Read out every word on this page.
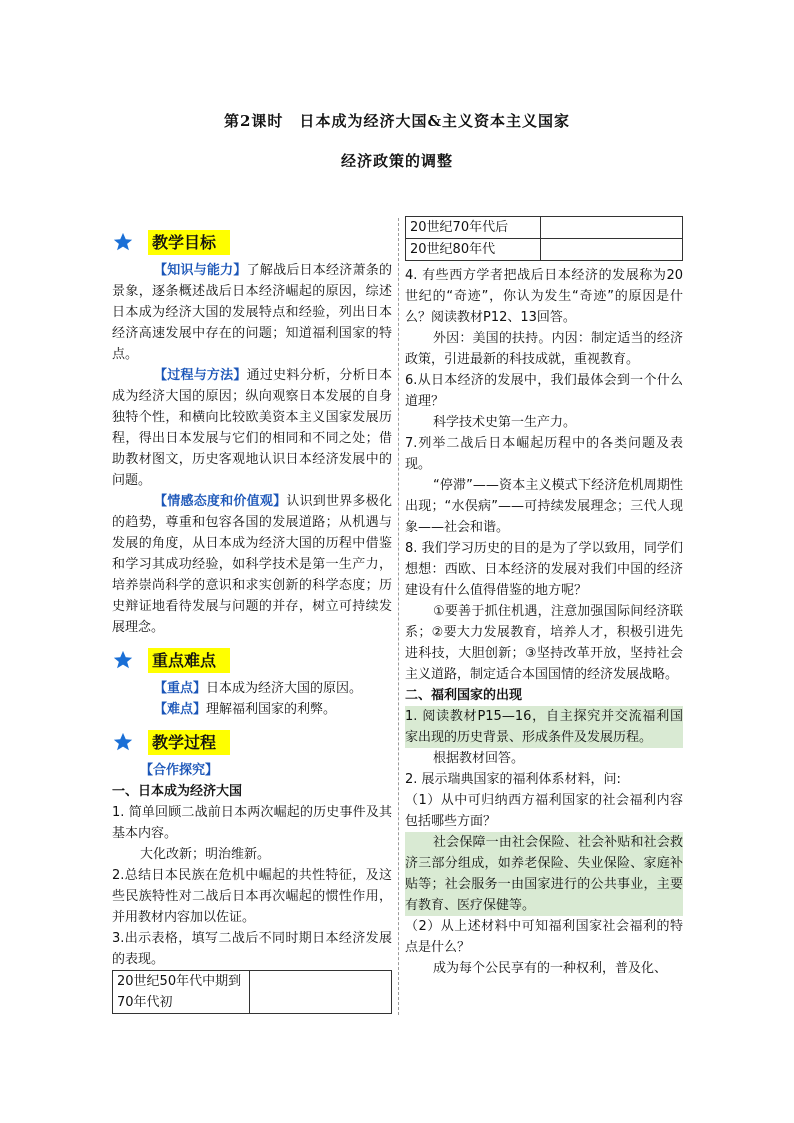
第2课时　日本成为经济大国&主义资本主义国家
经济政策的调整
教学目标

【知识与能力】了解战后日本经济萧条的景象，逐条概述战后日本经济崛起的原因，综述日本成为经济大国的发展特点和经验，列出日本经济高速发展中存在的问题；知道福利国家的特点。

【过程与方法】通过史料分析，分析日本成为经济大国的原因；纵向观察日本发展的自身独特个性，和横向比较欧美资本主义国家发展历程，得出日本发展与它们的相同和不同之处；借助教材图文，历史客观地认识日本经济发展中的问题。

【情感态度和价值观】认识到世界多极化的趋势，尊重和包容各国的发展道路；从机遇与发展的角度，从日本成为经济大国的历程中借鉴和学习其成功经验，如科学技术是第一生产力，培养崇尚科学的意识和求实创新的科学态度；历史辩证地看待发展与问题的并存，树立可持续发展理念。

重点难点

【重点】日本成为经济大国的原因。

【难点】理解福利国家的利弊。

教学过程

【合作探究】

一、日本成为经济大国

1. 简单回顾二战前日本两次崛起的历史事件及其基本内容。

大化改新；明治维新。

2.总结日本民族在危机中崛起的共性特征，及这些民族特性对二战后日本再次崛起的惯性作用，并用教材内容加以佐证。

3.出示表格，填写二战后不同时期日本经济发展的表现。

20世纪50年代中期到70年代初	
20世纪70年代后	
20世纪80年代	

4. 有些西方学者把战后日本经济的发展称为20世纪的“奇迹”，你认为发生“奇迹”的原因是什么？阅读教材P12、13回答。

外因：美国的扶持。内因：制定适当的经济政策，引进最新的科技成就，重视教育。

6.从日本经济的发展中，我们最体会到一个什么道理？

科学技术史第一生产力。

7.列举二战后日本崛起历程中的各类问题及表现。

“停滞”——资本主义模式下经济危机周期性出现；“水俣病”——可持续发展理念；三代人现象——社会和谐。

8. 我们学习历史的目的是为了学以致用，同学们想想：西欧、日本经济的发展对我们中国的经济建设有什么值得借鉴的地方呢？

①要善于抓住机遇，注意加强国际间经济联系；②要大力发展教育，培养人才，积极引进先进科技，大胆创新；③坚持改革开放，坚持社会主义道路，制定适合本国国情的经济发展战略。

二、福利国家的出现

1. 阅读教材P15—16，自主探究并交流福利国家出现的历史背景、形成条件及发展历程。

根据教材回答。

2. 展示瑞典国家的福利体系材料，问:

（1）从中可归纳西方福利国家的社会福利内容包括哪些方面？

社会保障一由社会保险、社会补贴和社会救济三部分组成，如养老保险、失业保险、家庭补贴等；社会服务一由国家进行的公共事业，主要有教育、医疗保健等。

（2）从上述材料中可知福利国家社会福利的特点是什么？

成为每个公民享有的一种权利，普及化、
